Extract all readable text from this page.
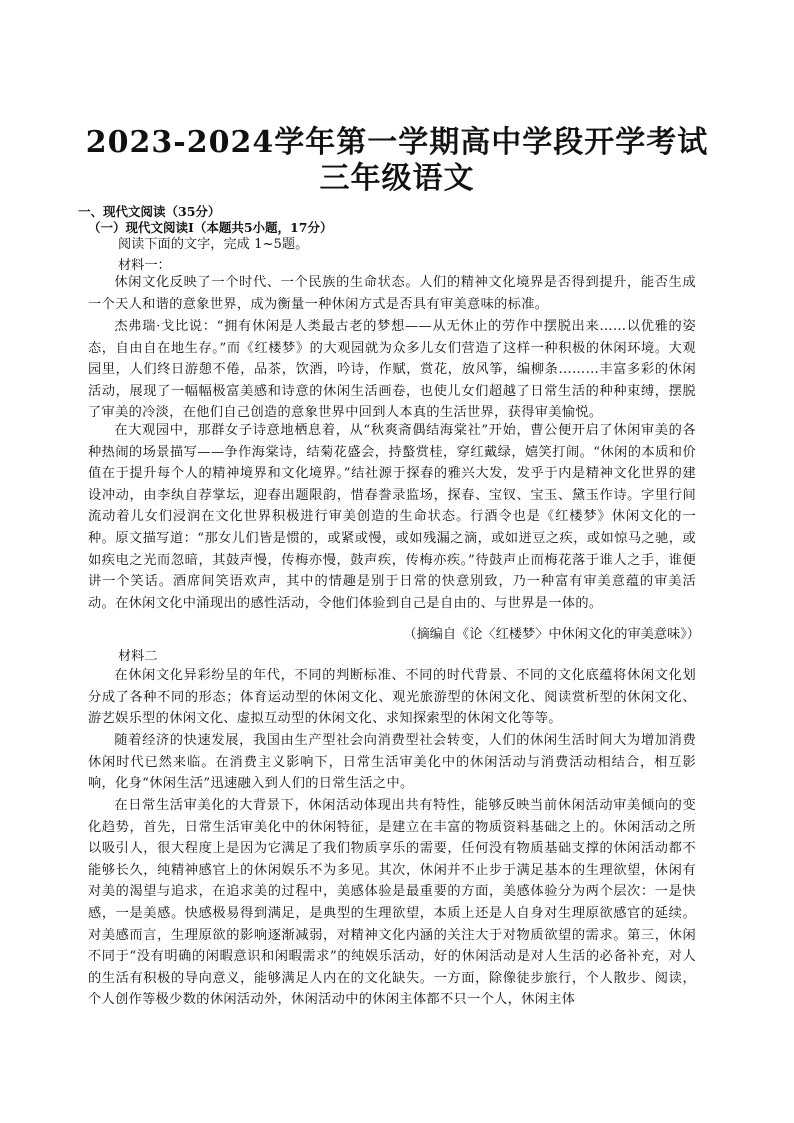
2023-2024学年第一学期高中学段开学考试
三年级语文
一、现代文阅读（35分）
（一）现代文阅读Ⅰ（本题共5小题，17分）
阅读下面的文字，完成 1~5题。
材料一：
休闲文化反映了一个时代、一个民族的生命状态。人们的精神文化境界是否得到提升，能否生成一个天人和谐的意象世界，成为衡量一种休闲方式是否具有审美意味的标准。
杰弗瑞·戈比说：“拥有休闲是人类最古老的梦想——从无休止的劳作中摆脱出来……以优雅的姿态，自由自在地生存。”而《红楼梦》的大观园就为众多儿女们营造了这样一种积极的休闲环境。大观园里，人们终日游憩不倦，品茶，饮酒，吟诗，作赋，赏花，放风筝，编柳条………丰富多彩的休闲活动，展现了一幅幅极富美感和诗意的休闲生活画卷，也使儿女们超越了日常生活的种种束缚，摆脱了审美的冷淡，在他们自己创造的意象世界中回到人本真的生活世界，获得审美愉悦。
在大观园中，那群女子诗意地栖息着，从“秋爽斋偶结海棠社”开始，曹公便开启了休闲审美的各种热闹的场景描写——争作海棠诗，结菊花盛会，持螯赏桂，穿红戴绿，嬉笑打闹。“休闲的本质和价值在于提升每个人的精神境界和文化境界。”结社源于探春的雅兴大发，发乎于内是精神文化世界的建设冲动，由李纨自荐掌坛，迎春出题限韵，惜春誊录监场，探春、宝钗、宝玉、黛玉作诗。字里行间流动着儿女们浸润在文化世界积极进行审美创造的生命状态。行酒令也是《红楼梦》休闲文化的一种。原文描写道：“那女儿们皆是惯的，或紧或慢，或如残漏之滴，或如迸豆之疾，或如惊马之驰，或如疾电之光而忽暗，其鼓声慢，传梅亦慢，鼓声疾，传梅亦疾。”待鼓声止而梅花落于谁人之手，谁便讲一个笑话。酒席间笑语欢声，其中的情趣是别于日常的快意别致，乃一种富有审美意蕴的审美活动。在休闲文化中涌现出的感性活动，令他们体验到自己是自由的、与世界是一体的。
（摘编自《论〈红楼梦〉中休闲文化的审美意味》）
材料二
在休闲文化异彩纷呈的年代，不同的判断标准、不同的时代背景、不同的文化底蕴将休闲文化划分成了各种不同的形态；体育运动型的休闲文化、观光旅游型的休闲文化、阅读赏析型的休闲文化、游艺娱乐型的休闲文化、虚拟互动型的休闲文化、求知探索型的休闲文化等等。
随着经济的快速发展，我国由生产型社会向消费型社会转变，人们的休闲生活时间大为增加消费休闲时代已然来临。在消费主义影响下，日常生活审美化中的休闲活动与消费活动相结合，相互影响，化身“休闲生活”迅速融入到人们的日常生活之中。
在日常生活审美化的大背景下，休闲活动体现出共有特性，能够反映当前休闲活动审美倾向的变化趋势，首先，日常生活审美化中的休闲特征，是建立在丰富的物质资料基础之上的。休闲活动之所以吸引人，很大程度上是因为它满足了我们物质享乐的需要，任何没有物质基础支撑的休闲活动都不能够长久，纯精神感官上的休闲娱乐不为多见。其次，休闲并不止步于满足基本的生理欲望，休闲有对美的渴望与追求，在追求美的过程中，美感体验是最重要的方面，美感体验分为两个层次：一是快感，一是美感。快感极易得到满足，是典型的生理欲望，本质上还是人自身对生理原欲感官的延续。对美感而言，生理原欲的影响逐渐减弱，对精神文化内涵的关注大于对物质欲望的需求。第三，休闲不同于“没有明确的闲暇意识和闲暇需求”的纯娱乐活动，好的休闲活动是对人生活的必备补充，对人的生活有积极的导向意义，能够满足人内在的文化缺失。一方面，除像徒步旅行，个人散步、阅读，个人创作等极少数的休闲活动外，休闲活动中的休闲主体都不只一个人，休闲主体
